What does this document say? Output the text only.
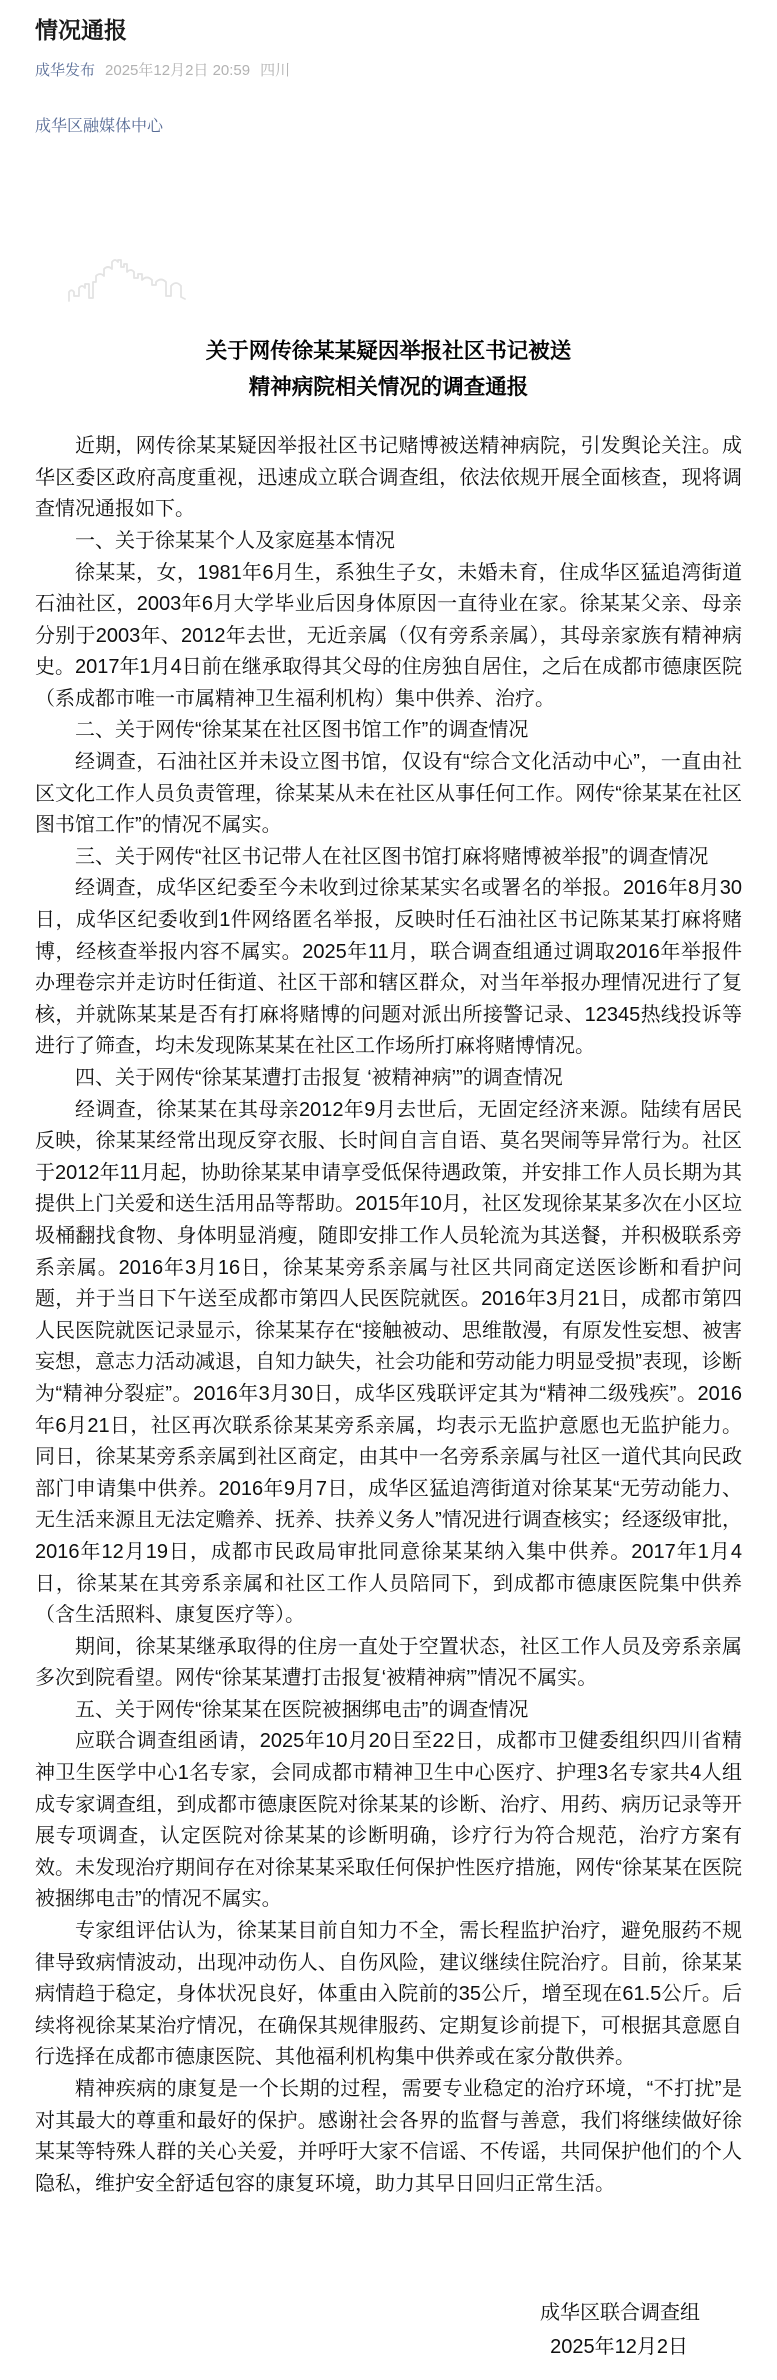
情况通报
成华发布 2025年12月2日 20:59 四川
成华区融媒体中心
关于网传徐某某疑因举报社区书记被送
精神病院相关情况的调查通报

近期，网传徐某某疑因举报社区书记赌博被送精神病院，引发舆论关注。成华区委区政府高度重视，迅速成立联合调查组，依法依规开展全面核查，现将调查情况通报如下。

一、关于徐某某个人及家庭基本情况

徐某某，女，1981年6月生，系独生子女，未婚未育，住成华区猛追湾街道石油社区，2003年6月大学毕业后因身体原因一直待业在家。徐某某父亲、母亲分别于2003年、2012年去世，无近亲属（仅有旁系亲属），其母亲家族有精神病史。2017年1月4日前在继承取得其父母的住房独自居住，之后在成都市德康医院（系成都市唯一市属精神卫生福利机构）集中供养、治疗。

二、关于网传“徐某某在社区图书馆工作”的调查情况

经调查，石油社区并未设立图书馆，仅设有“综合文化活动中心”，一直由社区文化工作人员负责管理，徐某某从未在社区从事任何工作。网传“徐某某在社区图书馆工作”的情况不属实。

三、关于网传“社区书记带人在社区图书馆打麻将赌博被举报”的调查情况

经调查，成华区纪委至今未收到过徐某某实名或署名的举报。2016年8月30日，成华区纪委收到1件网络匿名举报，反映时任石油社区书记陈某某打麻将赌博，经核查举报内容不属实。2025年11月，联合调查组通过调取2016年举报件办理卷宗并走访时任街道、社区干部和辖区群众，对当年举报办理情况进行了复核，并就陈某某是否有打麻将赌博的问题对派出所接警记录、12345热线投诉等进行了筛查，均未发现陈某某在社区工作场所打麻将赌博情况。

四、关于网传“徐某某遭打击报复 ‘被精神病’”的调查情况

经调查，徐某某在其母亲2012年9月去世后，无固定经济来源。陆续有居民反映，徐某某经常出现反穿衣服、长时间自言自语、莫名哭闹等异常行为。社区于2012年11月起，协助徐某某申请享受低保待遇政策，并安排工作人员长期为其提供上门关爱和送生活用品等帮助。2015年10月，社区发现徐某某多次在小区垃圾桶翻找食物、身体明显消瘦，随即安排工作人员轮流为其送餐，并积极联系旁系亲属。2016年3月16日，徐某某旁系亲属与社区共同商定送医诊断和看护问题，并于当日下午送至成都市第四人民医院就医。2016年3月21日，成都市第四人民医院就医记录显示，徐某某存在“接触被动、思维散漫，有原发性妄想、被害妄想，意志力活动减退，自知力缺失，社会功能和劳动能力明显受损”表现，诊断为“精神分裂症”。2016年3月30日，成华区残联评定其为“精神二级残疾”。2016年6月21日，社区再次联系徐某某旁系亲属，均表示无监护意愿也无监护能力。同日，徐某某旁系亲属到社区商定，由其中一名旁系亲属与社区一道代其向民政部门申请集中供养。2016年9月7日，成华区猛追湾街道对徐某某“无劳动能力、无生活来源且无法定赡养、抚养、扶养义务人”情况进行调查核实；经逐级审批，2016年12月19日，成都市民政局审批同意徐某某纳入集中供养。2017年1月4日，徐某某在其旁系亲属和社区工作人员陪同下，到成都市德康医院集中供养（含生活照料、康复医疗等）。

期间，徐某某继承取得的住房一直处于空置状态，社区工作人员及旁系亲属多次到院看望。网传“徐某某遭打击报复‘被精神病’”情况不属实。

五、关于网传“徐某某在医院被捆绑电击”的调查情况

应联合调查组函请，2025年10月20日至22日，成都市卫健委组织四川省精神卫生医学中心1名专家，会同成都市精神卫生中心医疗、护理3名专家共4人组成专家调查组，到成都市德康医院对徐某某的诊断、治疗、用药、病历记录等开展专项调查，认定医院对徐某某的诊断明确，诊疗行为符合规范，治疗方案有效。未发现治疗期间存在对徐某某采取任何保护性医疗措施，网传“徐某某在医院被捆绑电击”的情况不属实。

专家组评估认为，徐某某目前自知力不全，需长程监护治疗，避免服药不规律导致病情波动，出现冲动伤人、自伤风险，建议继续住院治疗。目前，徐某某病情趋于稳定，身体状况良好，体重由入院前的35公斤，增至现在61.5公斤。后续将视徐某某治疗情况，在确保其规律服药、定期复诊前提下，可根据其意愿自行选择在成都市德康医院、其他福利机构集中供养或在家分散供养。

精神疾病的康复是一个长期的过程，需要专业稳定的治疗环境，“不打扰”是对其最大的尊重和最好的保护。感谢社会各界的监督与善意，我们将继续做好徐某某等特殊人群的关心关爱，并呼吁大家不信谣、不传谣，共同保护他们的个人隐私，维护安全舒适包容的康复环境，助力其早日回归正常生活。

成华区联合调查组
2025年12月2日
